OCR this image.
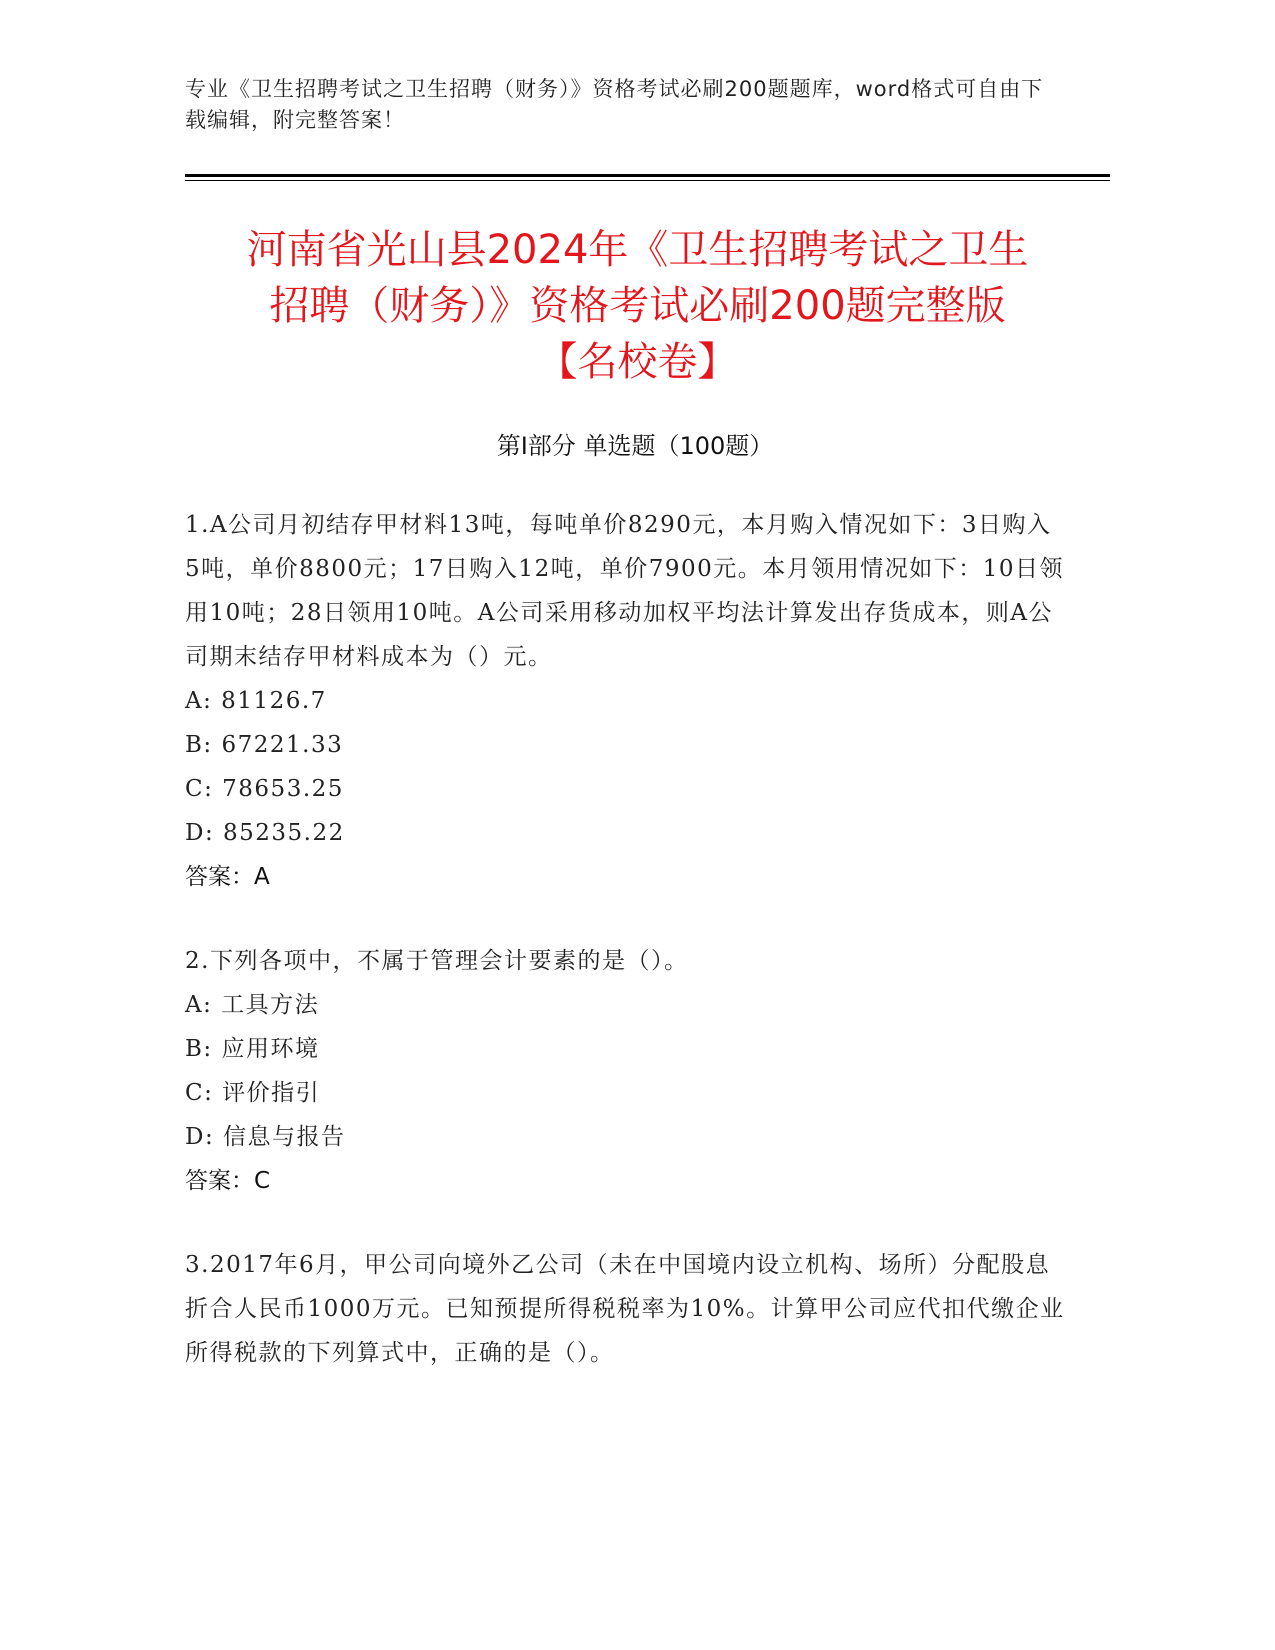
专业《卫生招聘考试之卫生招聘（财务）》资格考试必刷200题题库，word格式可自由下载编辑，附完整答案！
河南省光山县2024年《卫生招聘考试之卫生
招聘（财务）》资格考试必刷200题完整版
【名校卷】
第Ⅰ部分 单选题（100题）

1.A公司月初结存甲材料13吨，每吨单价8290元，本月购入情况如下：3日购入5吨，单价8800元；17日购入12吨，单价7900元。本月领用情况如下：10日领用10吨；28日领用10吨。A公司采用移动加权平均法计算发出存货成本，则A公司期末结存甲材料成本为（）元。

A: 81126.7

B: 67221.33

C: 78653.25

D: 85235.22

答案：A

2.下列各项中，不属于管理会计要素的是（）。

A: 工具方法

B: 应用环境

C: 评价指引

D: 信息与报告

答案：C

3.2017年6月，甲公司向境外乙公司（未在中国境内设立机构、场所）分配股息折合人民币1000万元。已知预提所得税税率为10%。计算甲公司应代扣代缴企业所得税款的下列算式中，正确的是（）。
